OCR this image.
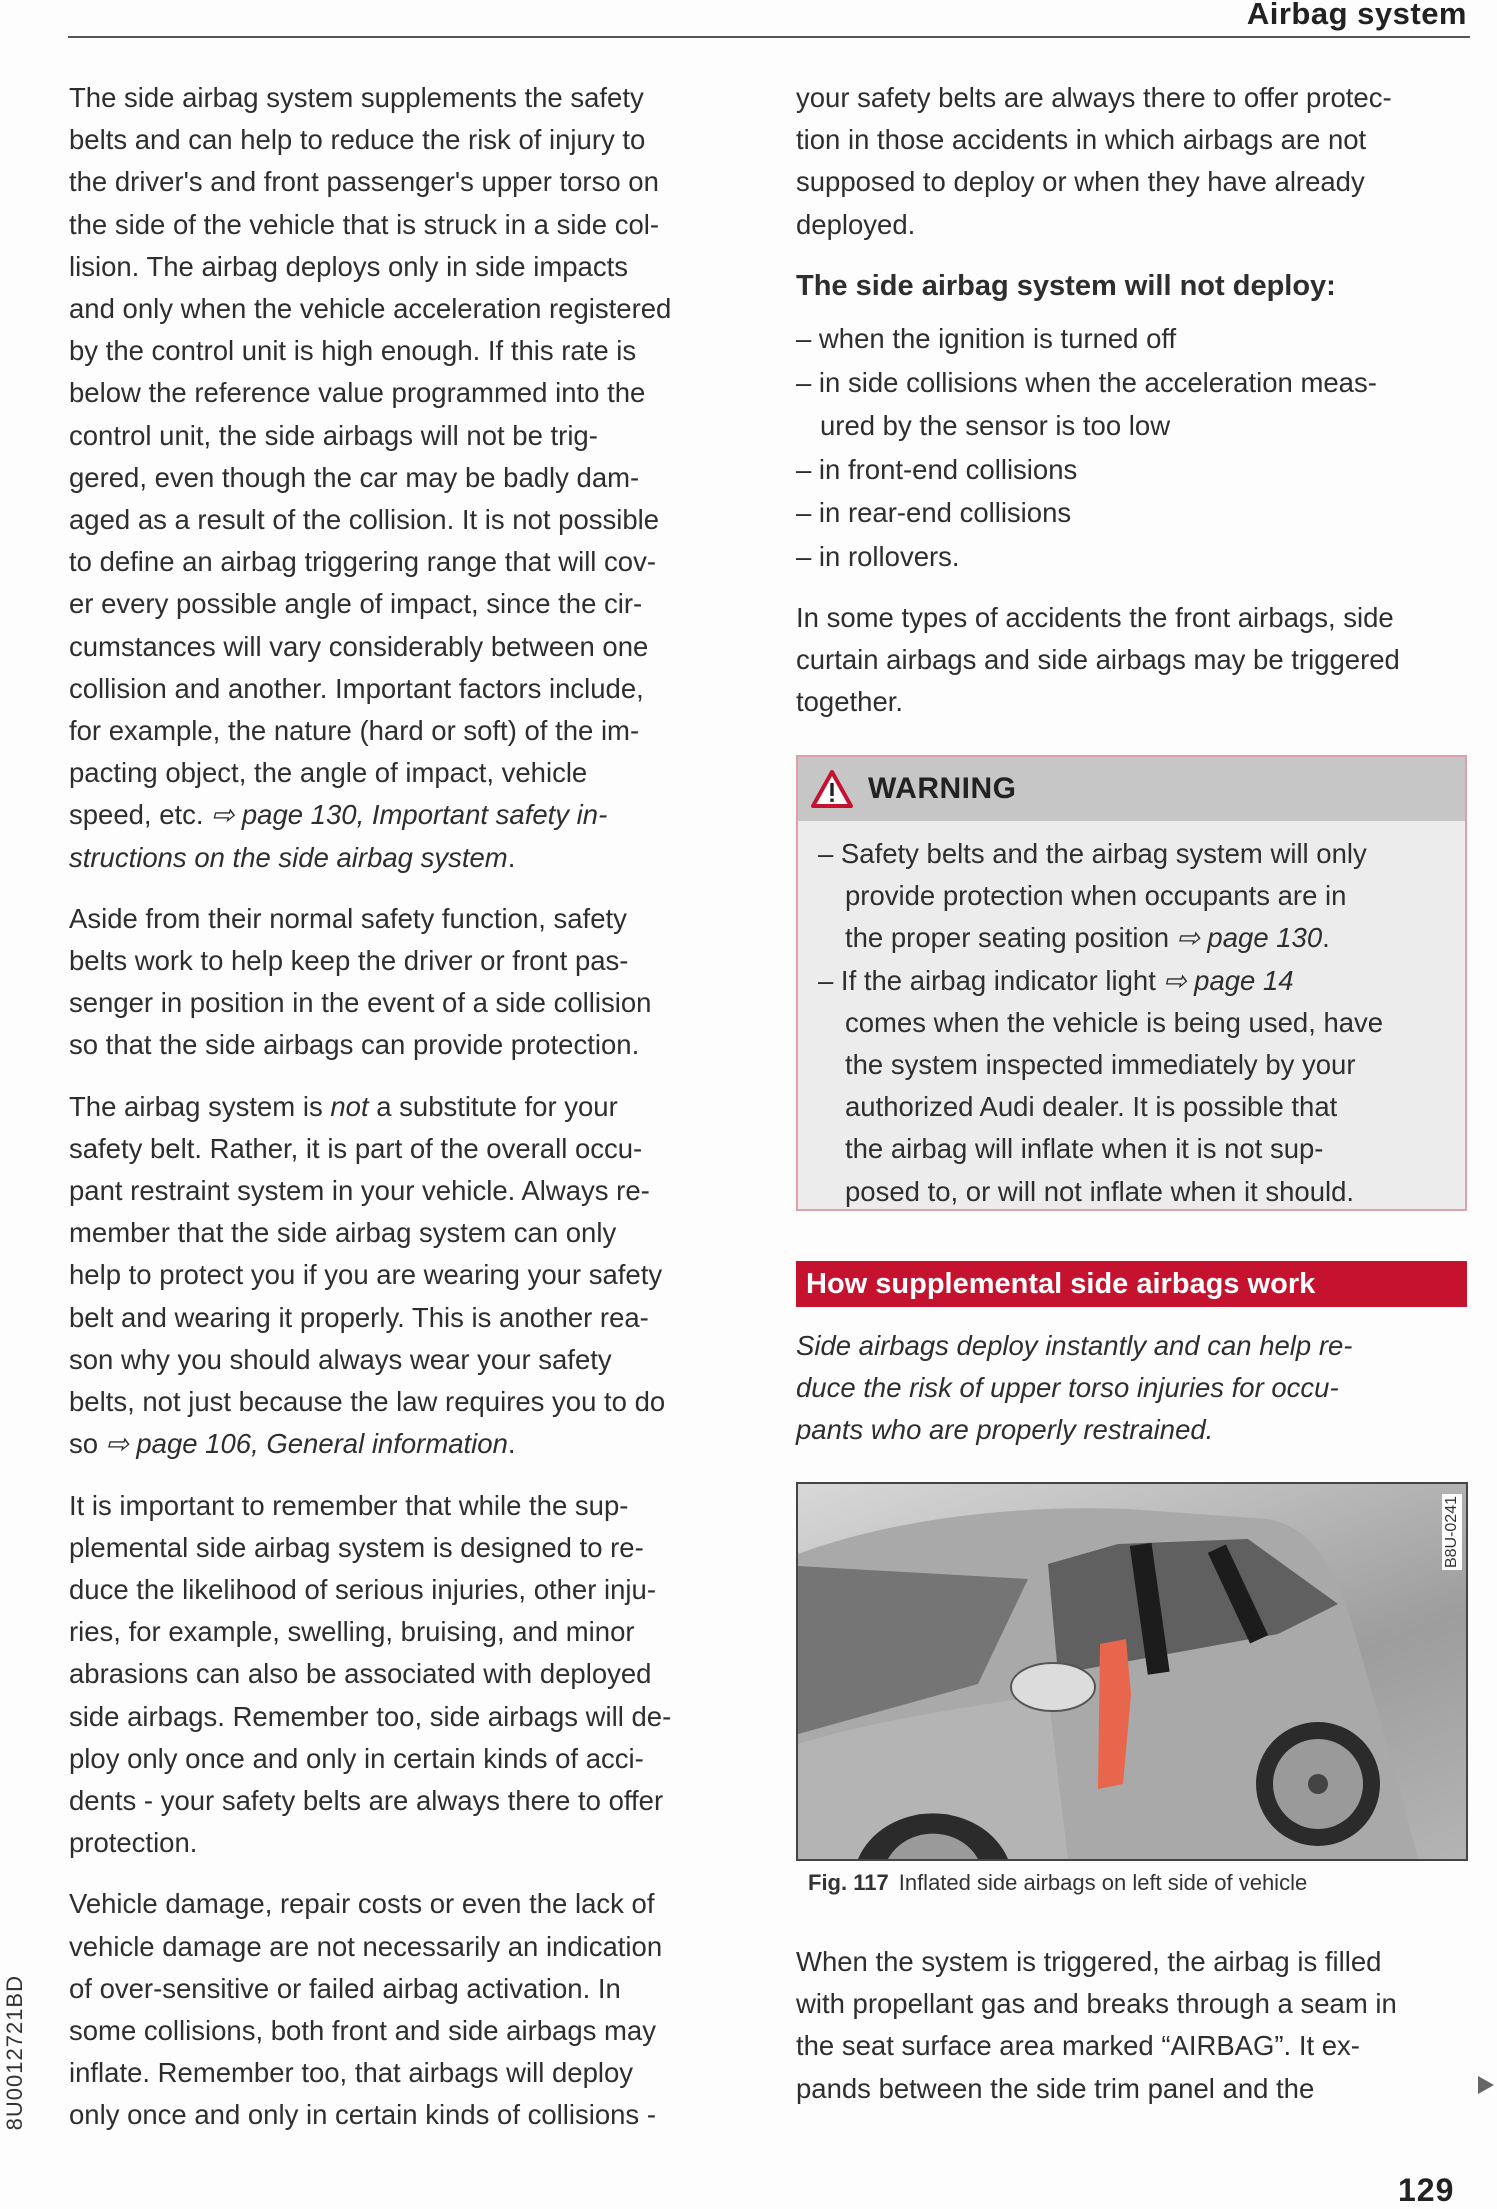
Airbag system
The side airbag system supplements the safety
belts and can help to reduce the risk of injury to
the driver's and front passenger's upper torso on
the side of the vehicle that is struck in a side col-
lision. The airbag deploys only in side impacts
and only when the vehicle acceleration registered
by the control unit is high enough. If this rate is
below the reference value programmed into the
control unit, the side airbags will not be trig-
gered, even though the car may be badly dam-
aged as a result of the collision. It is not possible
to define an airbag triggering range that will cov-
er every possible angle of impact, since the cir-
cumstances will vary considerably between one
collision and another. Important factors include,
for example, the nature (hard or soft) of the im-
pacting object, the angle of impact, vehicle
speed, etc. ⇨ page 130, Important safety in-
structions on the side airbag system.
Aside from their normal safety function, safety
belts work to help keep the driver or front pas-
senger in position in the event of a side collision
so that the side airbags can provide protection.
The airbag system is not a substitute for your
safety belt. Rather, it is part of the overall occu-
pant restraint system in your vehicle. Always re-
member that the side airbag system can only
help to protect you if you are wearing your safety
belt and wearing it properly. This is another rea-
son why you should always wear your safety
belts, not just because the law requires you to do
so ⇨ page 106, General information.
It is important to remember that while the sup-
plemental side airbag system is designed to re-
duce the likelihood of serious injuries, other inju-
ries, for example, swelling, bruising, and minor
abrasions can also be associated with deployed
side airbags. Remember too, side airbags will de-
ploy only once and only in certain kinds of acci-
dents - your safety belts are always there to offer
protection.
Vehicle damage, repair costs or even the lack of
vehicle damage are not necessarily an indication
of over-sensitive or failed airbag activation. In
some collisions, both front and side airbags may
inflate. Remember too, that airbags will deploy
only once and only in certain kinds of collisions -
your safety belts are always there to offer protec-
tion in those accidents in which airbags are not
supposed to deploy or when they have already
deployed.
The side airbag system will not deploy:
– when the ignition is turned off
– in side collisions when the acceleration meas-
ured by the sensor is too low
– in front-end collisions
– in rear-end collisions
– in rollovers.
In some types of accidents the front airbags, side
curtain airbags and side airbags may be triggered
together.
WARNING
– Safety belts and the airbag system will only
provide protection when occupants are in
the proper seating position ⇨ page 130.
– If the airbag indicator light ⇨ page 14
comes when the vehicle is being used, have
the system inspected immediately by your
authorized Audi dealer. It is possible that
the airbag will inflate when it is not sup-
posed to, or will not inflate when it should.
How supplemental side airbags work
Side airbags deploy instantly and can help re-
duce the risk of upper torso injuries for occu-
pants who are properly restrained.
B8U-0241
Fig. 117 Inflated side airbags on left side of vehicle
When the system is triggered, the airbag is filled
with propellant gas and breaks through a seam in
the seat surface area marked “AIRBAG”. It ex-
pands between the side trim panel and the
129
8U0012721BD
